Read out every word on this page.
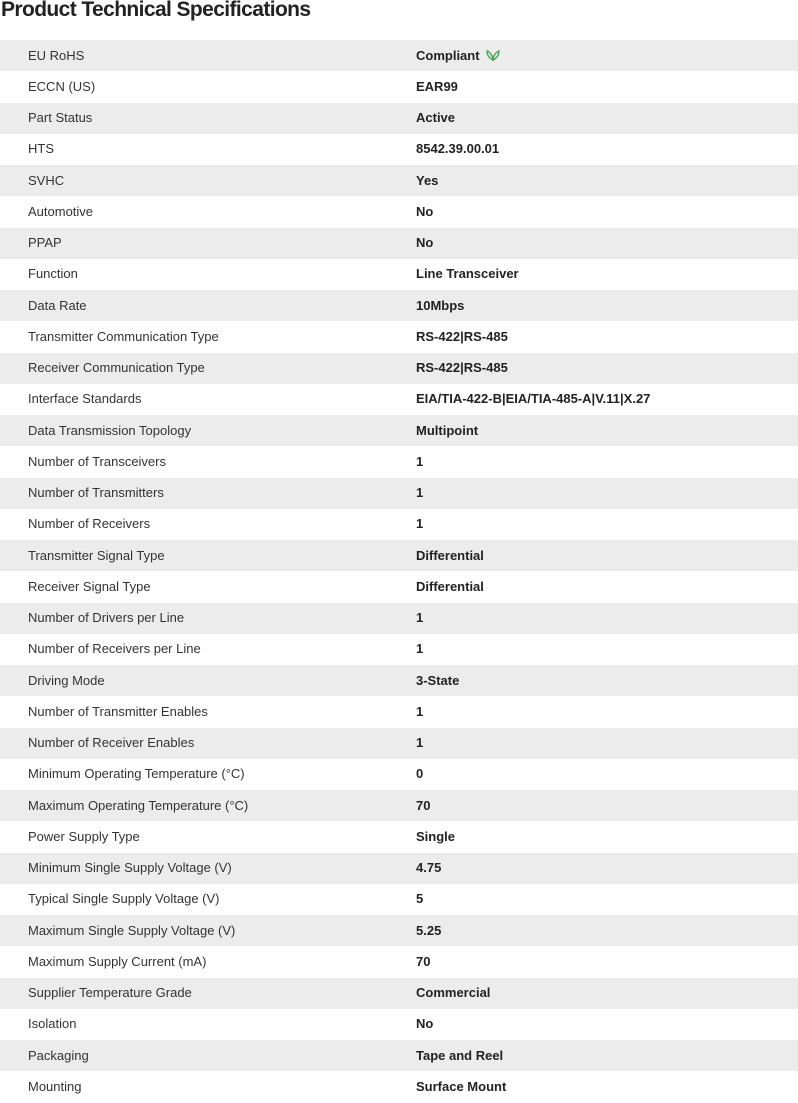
Product Technical Specifications
EU RoHS	Compliant
ECCN (US)	EAR99
Part Status	Active
HTS	8542.39.00.01
SVHC	Yes
Automotive	No
PPAP	No
Function	Line Transceiver
Data Rate	10Mbps
Transmitter Communication Type	RS-422|RS-485
Receiver Communication Type	RS-422|RS-485
Interface Standards	EIA/TIA-422-B|EIA/TIA-485-A|V.11|X.27
Data Transmission Topology	Multipoint
Number of Transceivers	1
Number of Transmitters	1
Number of Receivers	1
Transmitter Signal Type	Differential
Receiver Signal Type	Differential
Number of Drivers per Line	1
Number of Receivers per Line	1
Driving Mode	3-State
Number of Transmitter Enables	1
Number of Receiver Enables	1
Minimum Operating Temperature (°C)	0
Maximum Operating Temperature (°C)	70
Power Supply Type	Single
Minimum Single Supply Voltage (V)	4.75
Typical Single Supply Voltage (V)	5
Maximum Single Supply Voltage (V)	5.25
Maximum Supply Current (mA)	70
Supplier Temperature Grade	Commercial
Isolation	No
Packaging	Tape and Reel
Mounting	Surface Mount
